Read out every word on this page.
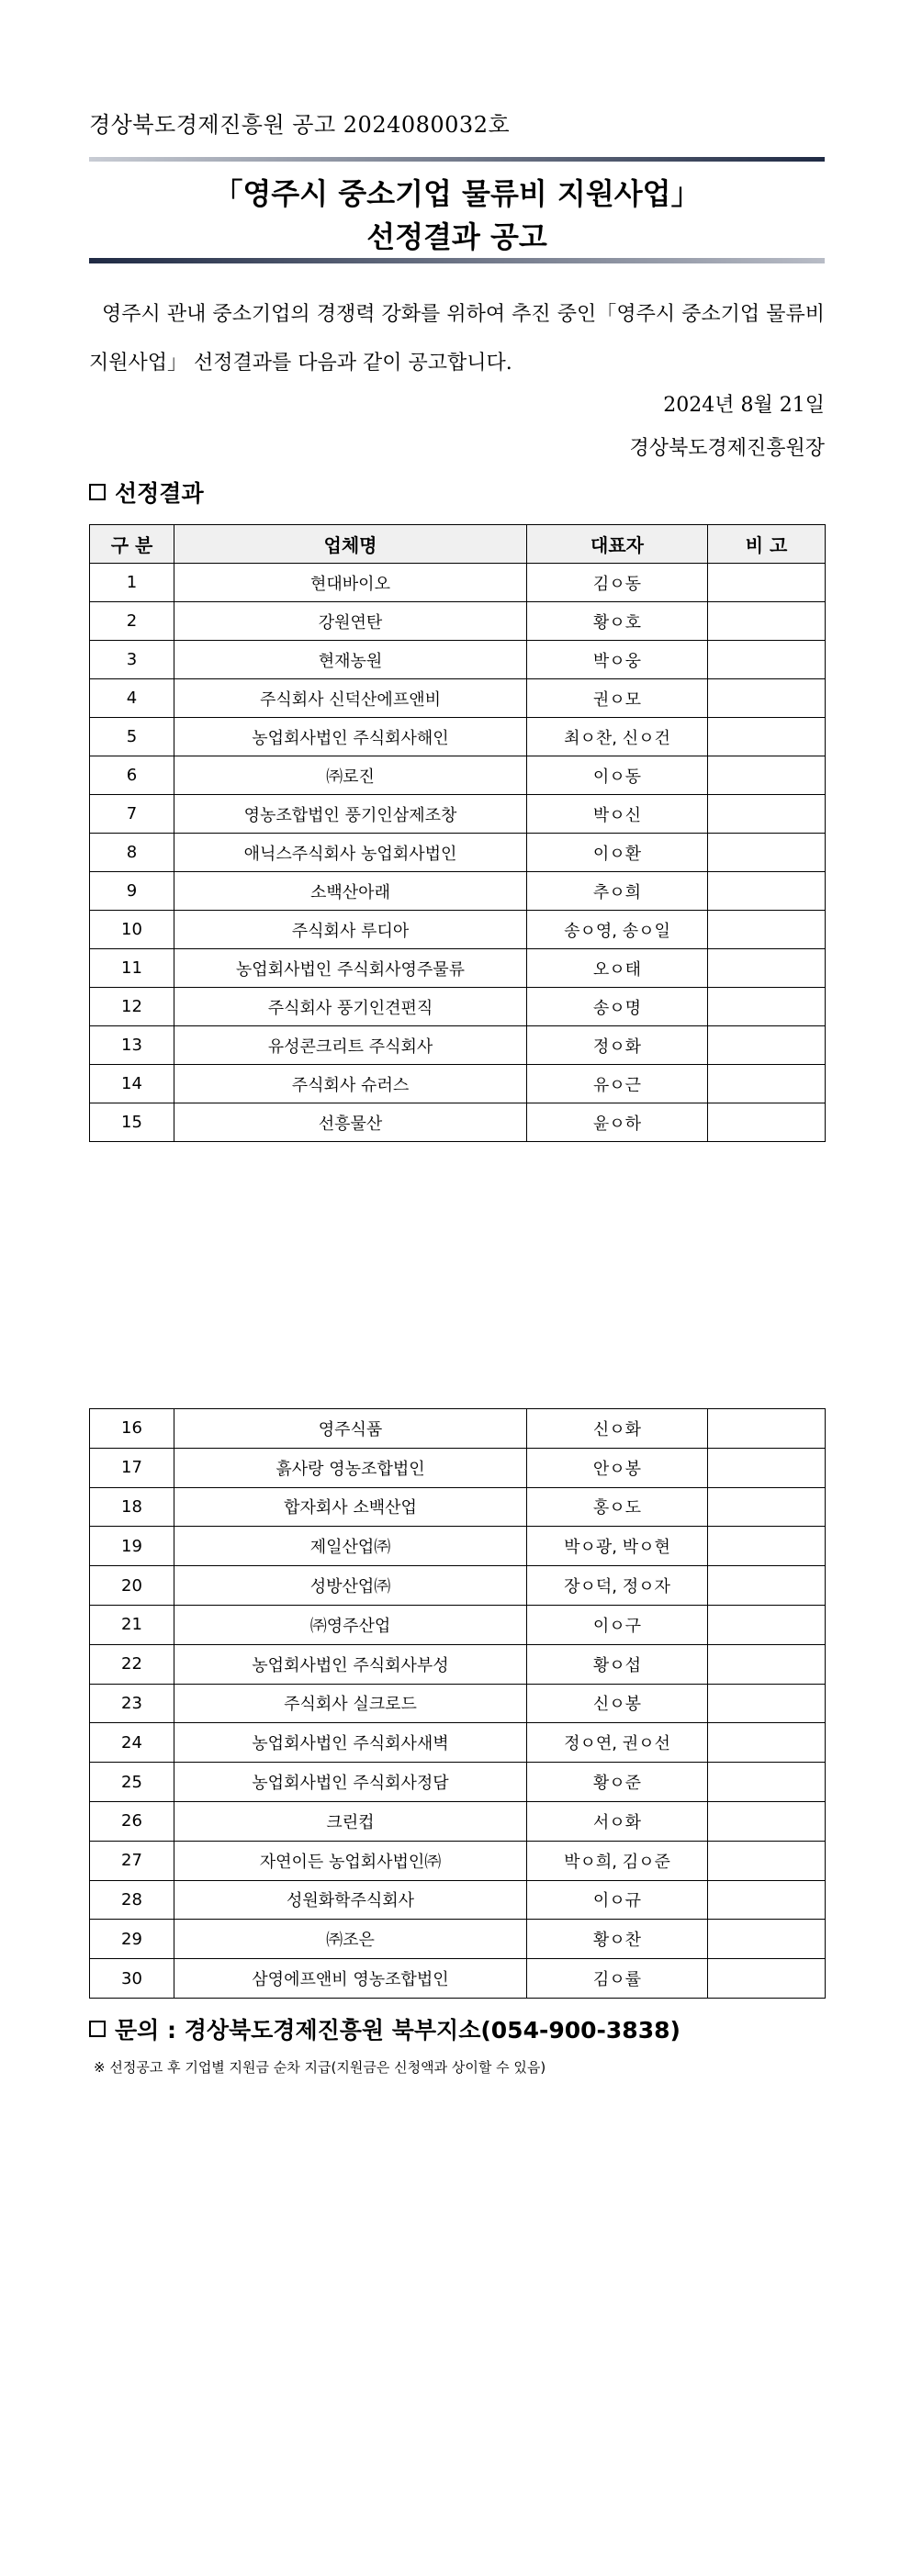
경상북도경제진흥원 공고 2024080032호
「영주시 중소기업 물류비 지원사업」
선정결과 공고
영주시 관내 중소기업의 경쟁력 강화를 위하여 추진 중인「영주시 중소기업 물류비 지원사업」 선정결과를 다음과 같이 공고합니다.
2024년 8월 21일
경상북도경제진흥원장
선정결과
구 분	업체명	대표자	비 고
1	현대바이오	김ㅇ동	
2	강원연탄	황ㅇ호	
3	현재농원	박ㅇ웅	
4	주식회사 신덕산에프앤비	권ㅇ모	
5	농업회사법인 주식회사해인	최ㅇ찬, 신ㅇ건	
6	㈜로진	이ㅇ동	
7	영농조합법인 풍기인삼제조창	박ㅇ신	
8	애닉스주식회사 농업회사법인	이ㅇ환	
9	소백산아래	추ㅇ희	
10	주식회사 루디아	송ㅇ영, 송ㅇ일	
11	농업회사법인 주식회사영주물류	오ㅇ태	
12	주식회사 풍기인견편직	송ㅇ명	
13	유성콘크리트 주식회사	정ㅇ화	
14	주식회사 슈러스	유ㅇ근	
15	선흥물산	윤ㅇ하	
16	영주식품	신ㅇ화	
17	흙사랑 영농조합법인	안ㅇ봉	
18	합자회사 소백산업	홍ㅇ도	
19	제일산업㈜	박ㅇ광, 박ㅇ현	
20	성방산업㈜	장ㅇ덕, 정ㅇ자	
21	㈜영주산업	이ㅇ구	
22	농업회사법인 주식회사부성	황ㅇ섭	
23	주식회사 실크로드	신ㅇ봉	
24	농업회사법인 주식회사새벽	정ㅇ연, 권ㅇ선	
25	농업회사법인 주식회사정담	황ㅇ준	
26	크린컵	서ㅇ화	
27	자연이든 농업회사법인㈜	박ㅇ희, 김ㅇ준	
28	성원화학주식회사	이ㅇ규	
29	㈜조은	황ㅇ찬	
30	삼영에프앤비 영농조합법인	김ㅇ률	
문의 : 경상북도경제진흥원 북부지소(054-900-3838)
※ 선정공고 후 기업별 지원금 순차 지급(지원금은 신청액과 상이할 수 있음)
